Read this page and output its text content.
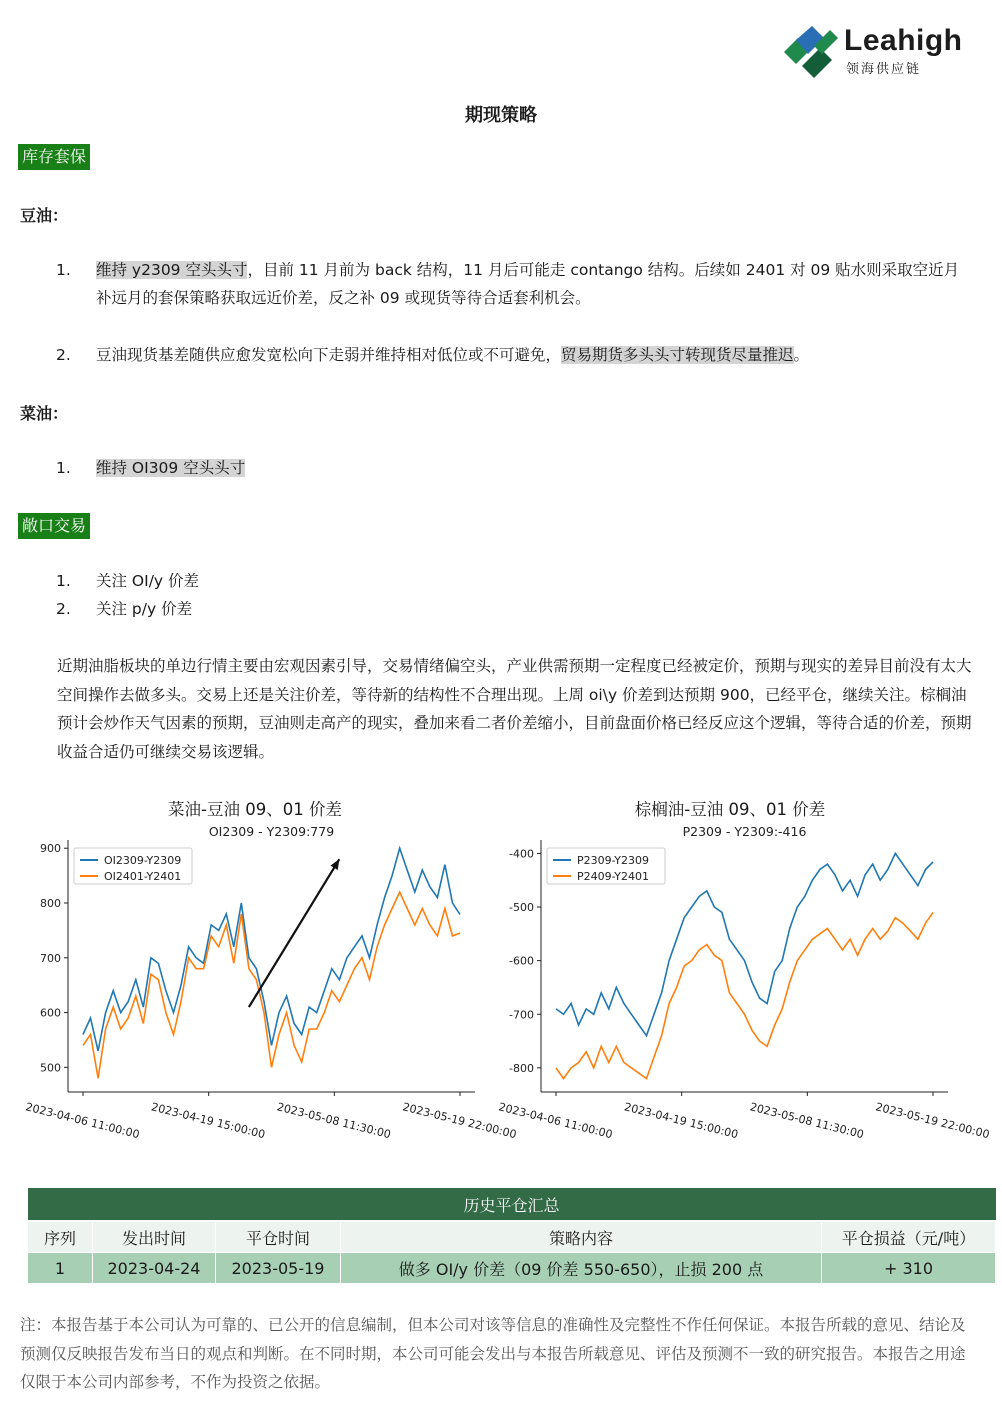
Leahigh
领海供应链
期现策略
库存套保
豆油：
1.	维持 y2309 空头头寸，目前 11 月前为 back 结构，11 月后可能走 contango 结构。后续如 2401 对 09 贴水则采取空近月补远月的套保策略获取远近价差，反之补 09 或现货等待合适套利机会。
2.	豆油现货基差随供应愈发宽松向下走弱并维持相对低位或不可避免，贸易期货多头头寸转现货尽量推迟。
菜油：
1.	维持 OI309 空头头寸
敞口交易
1.	关注 OI/y 价差
2.	关注 p/y 价差
近期油脂板块的单边行情主要由宏观因素引导，交易情绪偏空头，产业供需预期一定程度已经被定价，预期与现实的差异目前没有太大空间操作去做多头。交易上还是关注价差，等待新的结构性不合理出现。上周 oi\y 价差到达预期 900，已经平仓，继续关注。棕榈油预计会炒作天气因素的预期，豆油则走高产的现实，叠加来看二者价差缩小，目前盘面价格已经反应这个逻辑，等待合适的价差，预期收益合适仍可继续交易该逻辑。
菜油-豆油 09、01 价差
OI2309 - Y2309:779
500
600
700
800
900
2023-04-06 11:00:00 2023-04-19 15:00:00 2023-05-08 11:30:00 2023-05-19 22:00:00
OI2309-Y2309
OI2401-Y2401
棕榈油-豆油 09、01 价差
P2309 - Y2309:-416
-400
-500
-600
-700
-800
2023-04-06 11:00:00 2023-04-19 15:00:00 2023-05-08 11:30:00 2023-05-19 22:00:00
P2309-Y2309
P2409-Y2401
历史平仓汇总				
序列	发出时间	平仓时间	策略内容	平仓损益（元/吨）
1	2023-04-24	2023-05-19	做多 OI/y 价差（09 价差 550-650），止损 200 点	+ 310
注：本报告基于本公司认为可靠的、已公开的信息编制，但本公司对该等信息的准确性及完整性不作任何保证。本报告所载的意见、结论及预测仅反映报告发布当日的观点和判断。在不同时期，本公司可能会发出与本报告所载意见、评估及预测不一致的研究报告。本报告之用途仅限于本公司内部参考，不作为投资之依据。
